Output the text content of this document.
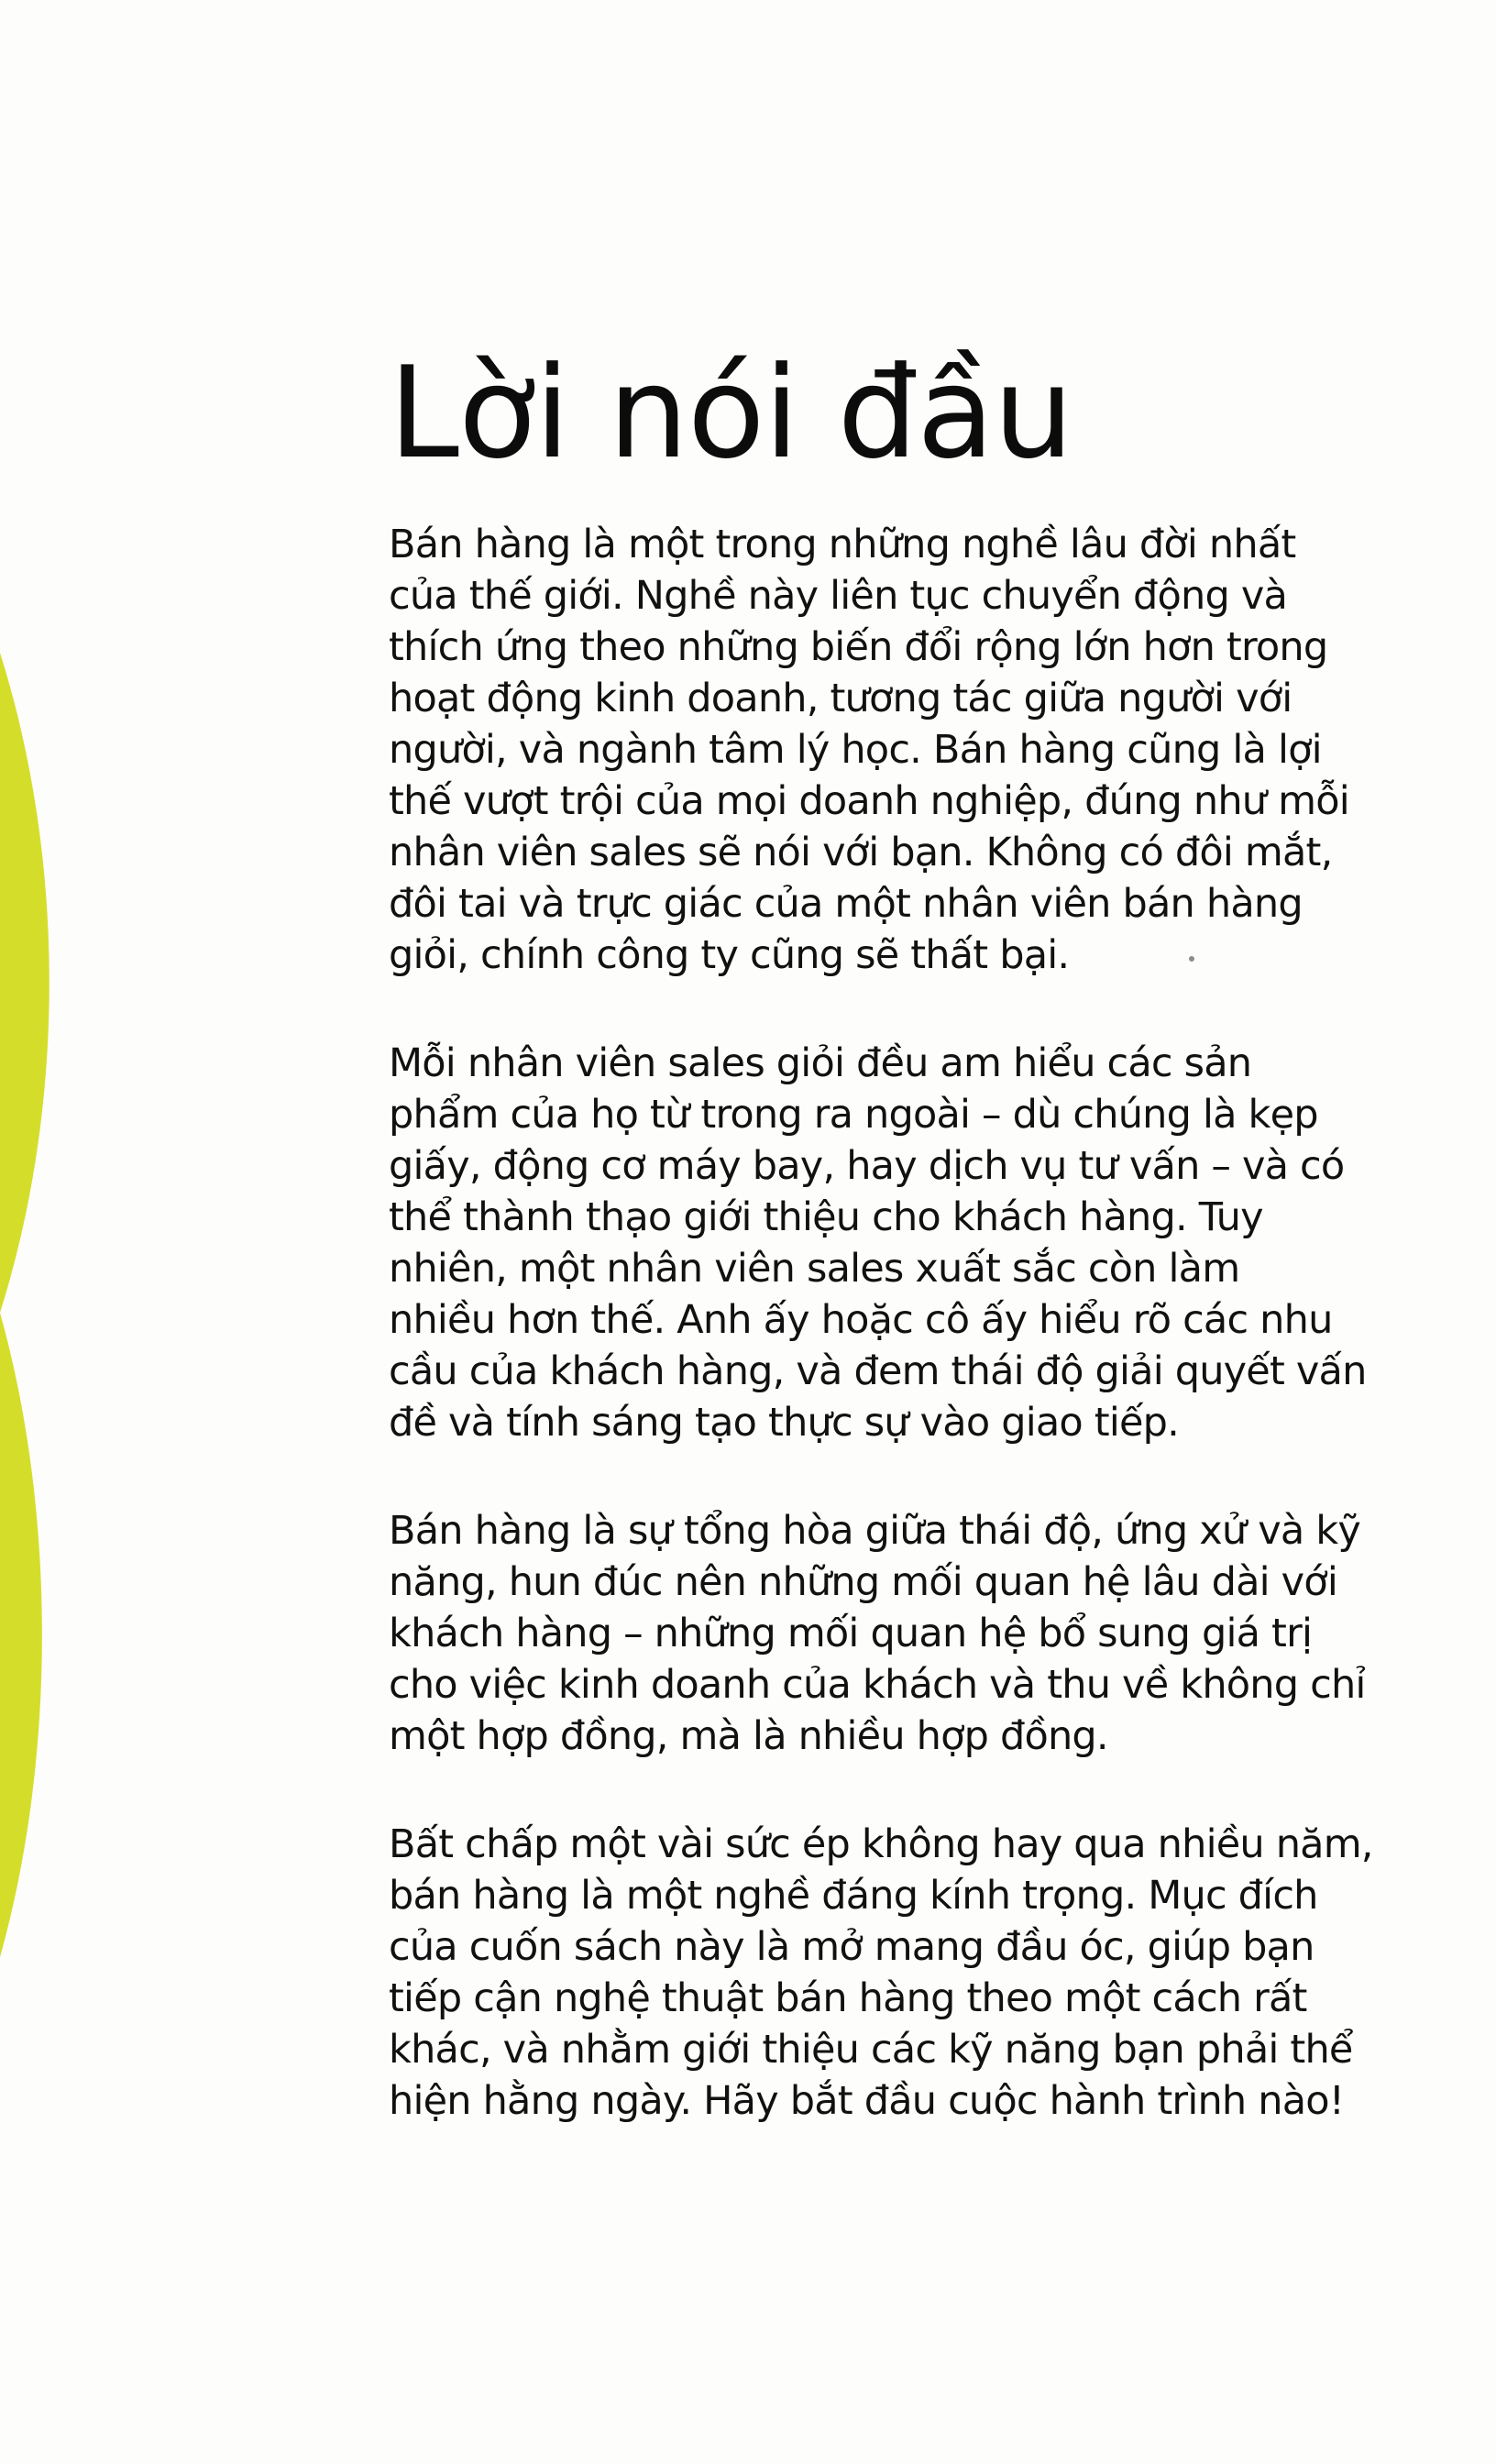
Lời nói đầu
Bán hàng là một trong những nghề lâu đời nhất
của thế giới. Nghề này liên tục chuyển động và
thích ứng theo những biến đổi rộng lớn hơn trong
hoạt động kinh doanh, tương tác giữa người với
người, và ngành tâm lý học. Bán hàng cũng là lợi
thế vượt trội của mọi doanh nghiệp, đúng như mỗi
nhân viên sales sẽ nói với bạn. Không có đôi mắt,
đôi tai và trực giác của một nhân viên bán hàng
giỏi, chính công ty cũng sẽ thất bại.
Mỗi nhân viên sales giỏi đều am hiểu các sản
phẩm của họ từ trong ra ngoài – dù chúng là kẹp
giấy, động cơ máy bay, hay dịch vụ tư vấn – và có
thể thành thạo giới thiệu cho khách hàng. Tuy
nhiên, một nhân viên sales xuất sắc còn làm
nhiều hơn thế. Anh ấy hoặc cô ấy hiểu rõ các nhu
cầu của khách hàng, và đem thái độ giải quyết vấn
đề và tính sáng tạo thực sự vào giao tiếp.
Bán hàng là sự tổng hòa giữa thái độ, ứng xử và kỹ
năng, hun đúc nên những mối quan hệ lâu dài với
khách hàng – những mối quan hệ bổ sung giá trị
cho việc kinh doanh của khách và thu về không chỉ
một hợp đồng, mà là nhiều hợp đồng.
Bất chấp một vài sức ép không hay qua nhiều năm,
bán hàng là một nghề đáng kính trọng. Mục đích
của cuốn sách này là mở mang đầu óc, giúp bạn
tiếp cận nghệ thuật bán hàng theo một cách rất
khác, và nhằm giới thiệu các kỹ năng bạn phải thể
hiện hằng ngày. Hãy bắt đầu cuộc hành trình nào!
